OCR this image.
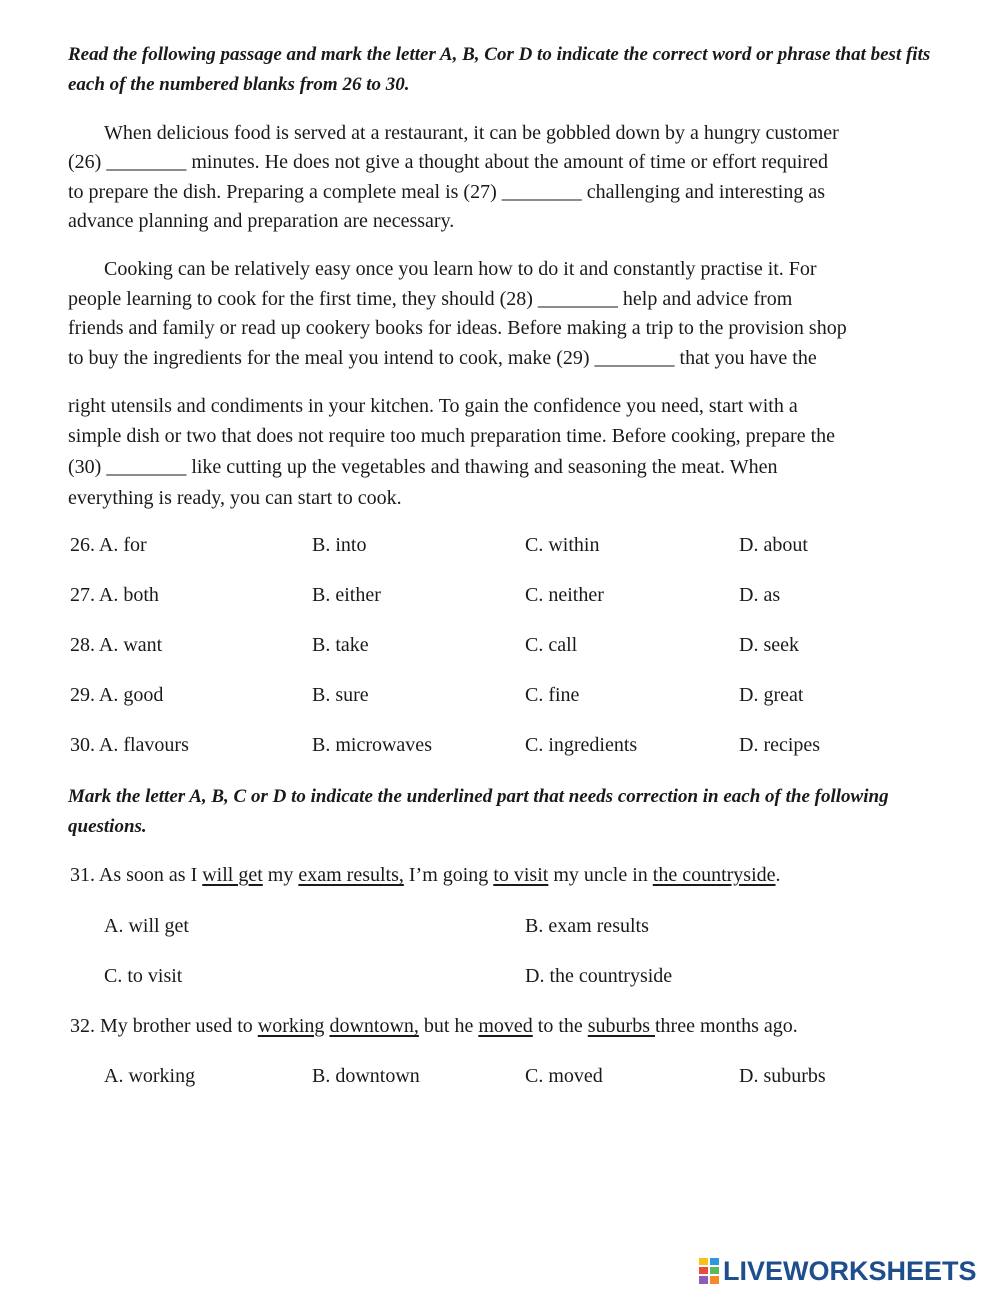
Read the following passage and mark the letter A, B, Cor D to indicate the correct word or phrase that best fits each of the numbered blanks from 26 to 30.
When delicious food is served at a restaurant, it can be gobbled down by a hungry customer
(26) ________ minutes. He does not give a thought about the amount of time or effort required
to prepare the dish. Preparing a complete meal is (27) ________ challenging and interesting as
advance planning and preparation are necessary.
Cooking can be relatively easy once you learn how to do it and constantly practise it. For
people learning to cook for the first time, they should (28) ________ help and advice from
friends and family or read up cookery books for ideas. Before making a trip to the provision shop
to buy the ingredients for the meal you intend to cook, make (29) ________ that you have the
right utensils and condiments in your kitchen. To gain the confidence you need, start with a
simple dish or two that does not require too much preparation time. Before cooking, prepare the
(30) ________ like cutting up the vegetables and thawing and seasoning the meat. When
everything is ready, you can start to cook.
26. A. for	B. into	C. within	D. about
27. A. both	B. either	C. neither	D. as
28. A. want	B. take	C. call	D. seek
29. A. good	B. sure	C. fine	D. great
30. A. flavours	B. microwaves	C. ingredients	D. recipes
Mark the letter A, B, C or D to indicate the underlined part that needs correction in each of the following questions.
31. As soon as I will get my exam results, I’m going to visit my uncle in the countryside.
A. will get	B. exam results
C. to visit	D. the countryside
32. My brother used to working downtown, but he moved to the suburbs three months ago.
A. working	B. downtown	C. moved	D. suburbs
LIVEWORKSHEETS
